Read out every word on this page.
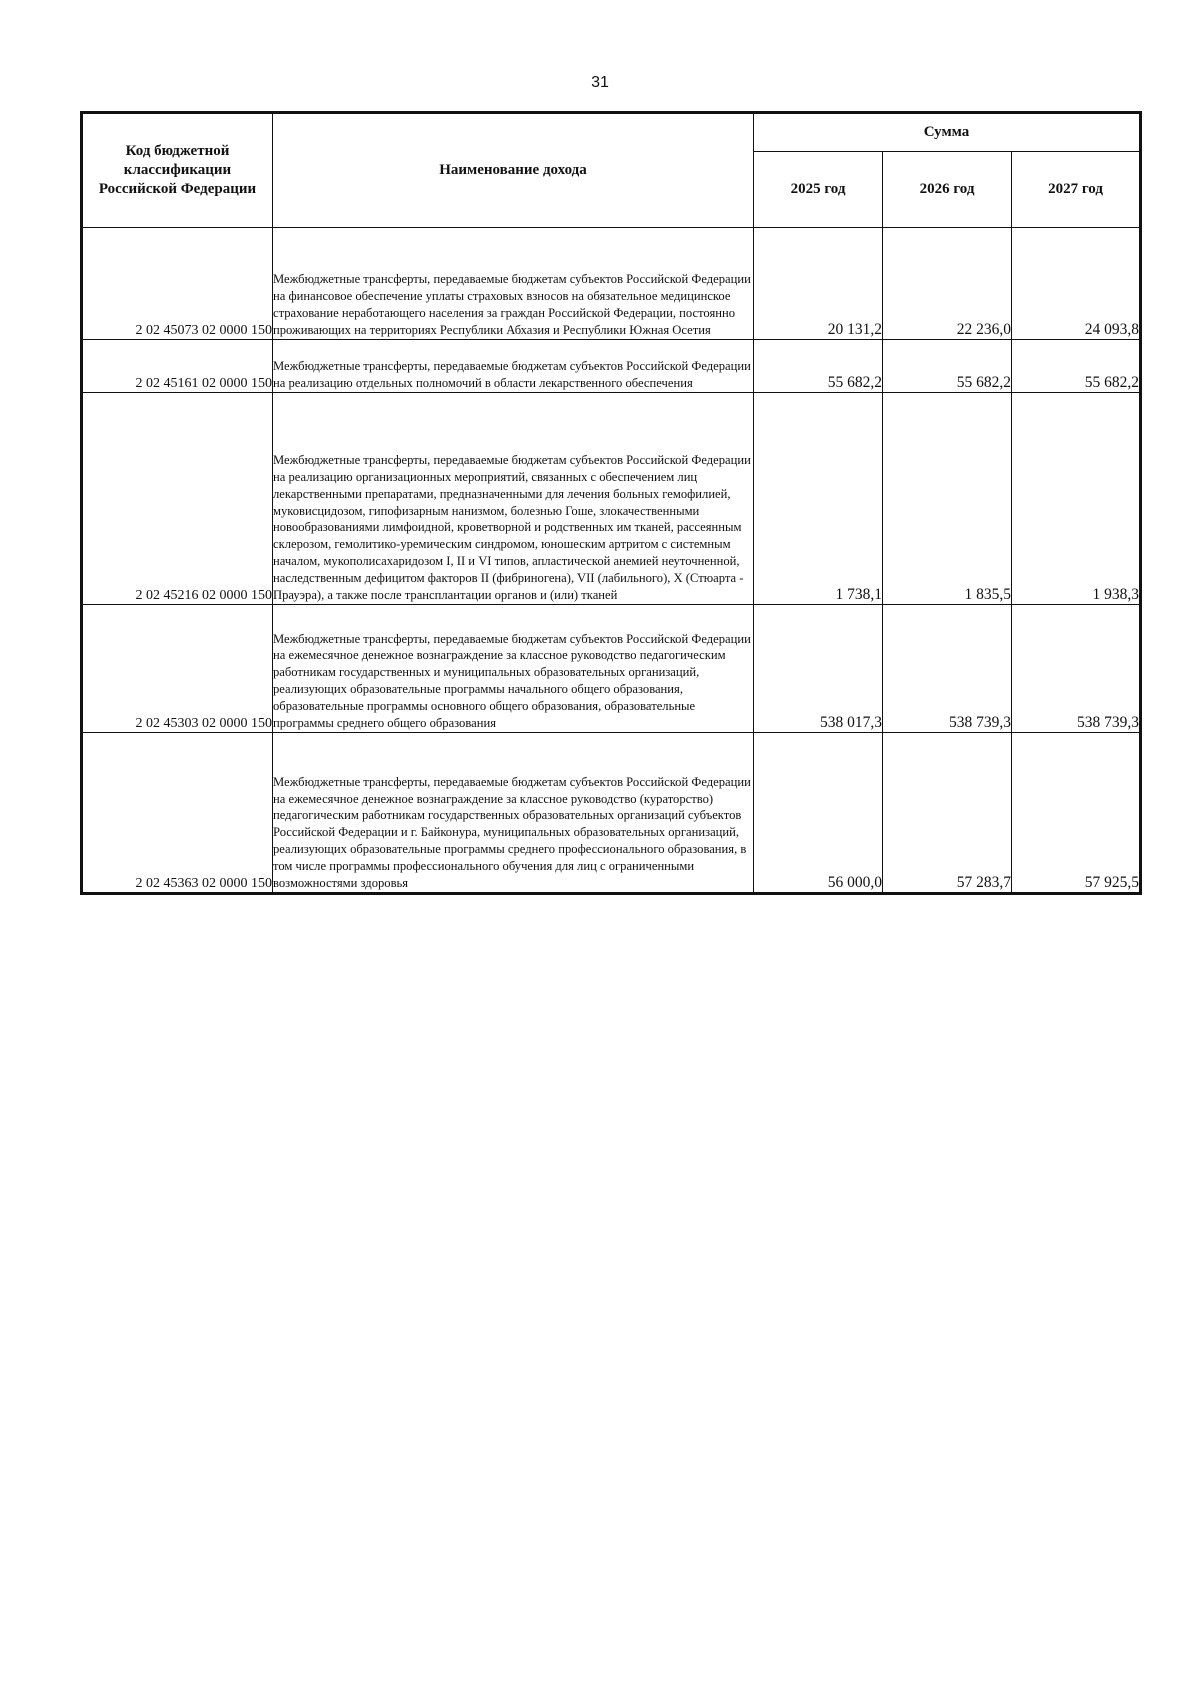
31
Код бюджетной классификации Российской Федерации	Наименование дохода	Сумма		
		2025 год	2026 год	2027 год
2 02 45073 02 0000 150	Межбюджетные трансферты, передаваемые бюджетам субъектов Российской Федерации на финансовое обеспечение уплаты страховых взносов на обязательное медицинское страхование неработающего населения за граждан Российской Федерации, постоянно проживающих на территориях Республики Абхазия и Республики Южная Осетия	20 131,2	22 236,0	24 093,8
2 02 45161 02 0000 150	Межбюджетные трансферты, передаваемые бюджетам субъектов Российской Федерации на реализацию отдельных полномочий в области лекарственного обеспечения	55 682,2	55 682,2	55 682,2
2 02 45216 02 0000 150	Межбюджетные трансферты, передаваемые бюджетам субъектов Российской Федерации на реализацию организационных мероприятий, связанных с обеспечением лиц лекарственными препаратами, предназначенными для лечения больных гемофилией, муковисцидозом, гипофизарным нанизмом, болезнью Гоше, злокачественными новообразованиями лимфоидной, кроветворной и родственных им тканей, рассеянным склерозом, гемолитико-уремическим синдромом, юношеским артритом с системным началом, мукополисахаридозом I, II и VI типов, апластической анемией неуточненной, наследственным дефицитом факторов II (фибриногена), VII (лабильного), X (Стюарта - Прауэра), а также после трансплантации органов и (или) тканей	1 738,1	1 835,5	1 938,3
2 02 45303 02 0000 150	Межбюджетные трансферты, передаваемые бюджетам субъектов Российской Федерации на ежемесячное денежное вознаграждение за классное руководство педагогическим работникам государственных и муниципальных образовательных организаций, реализующих образовательные программы начального общего образования, образовательные программы основного общего образования, образовательные программы среднего общего образования	538 017,3	538 739,3	538 739,3
2 02 45363 02 0000 150	Межбюджетные трансферты, передаваемые бюджетам субъектов Российской Федерации на ежемесячное денежное вознаграждение за классное руководство (кураторство) педагогическим работникам государственных образовательных организаций субъектов Российской Федерации и г. Байконура, муниципальных образовательных организаций, реализующих образовательные программы среднего профессионального образования, в том числе программы профессионального обучения для лиц с ограниченными возможностями здоровья	56 000,0	57 283,7	57 925,5
